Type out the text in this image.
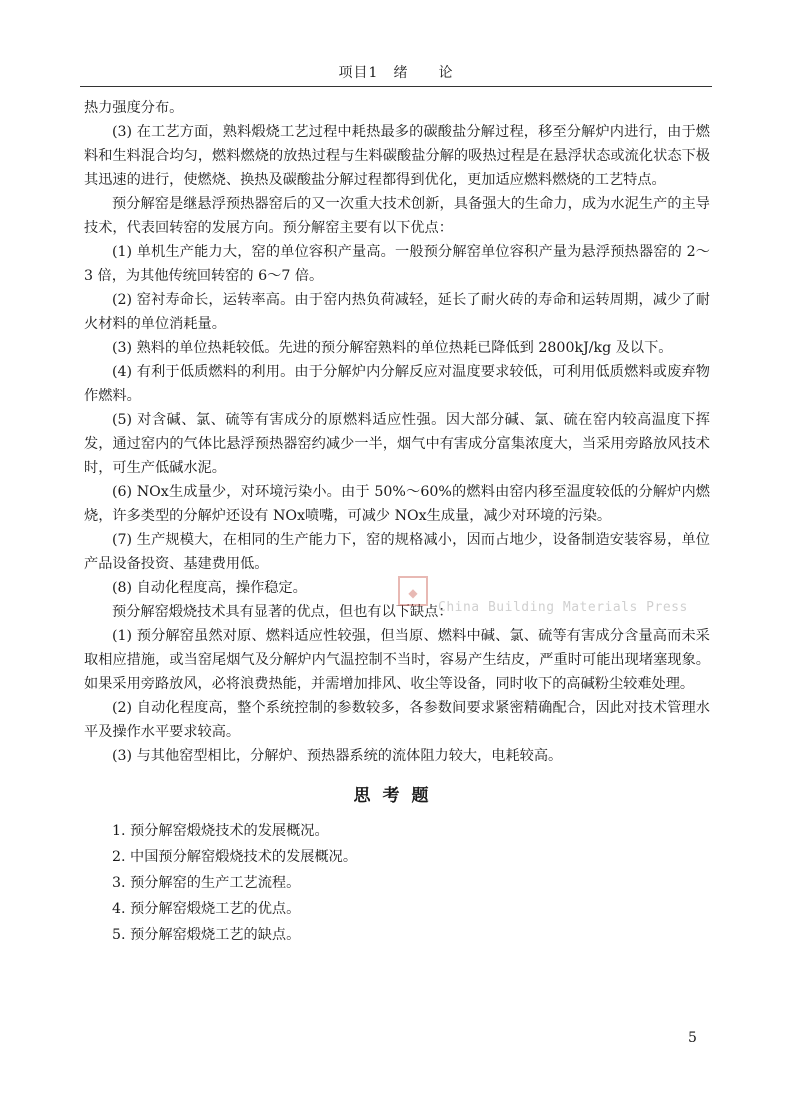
项目1　绪　　论

热力强度分布。

(3) 在工艺方面，熟料煅烧工艺过程中耗热最多的碳酸盐分解过程，移至分解炉内进行，由于燃料和生料混合均匀，燃料燃烧的放热过程与生料碳酸盐分解的吸热过程是在悬浮状态或流化状态下极其迅速的进行，使燃烧、换热及碳酸盐分解过程都得到优化，更加适应燃料燃烧的工艺特点。

预分解窑是继悬浮预热器窑后的又一次重大技术创新，具备强大的生命力，成为水泥生产的主导技术，代表回转窑的发展方向。预分解窑主要有以下优点：

(1) 单机生产能力大，窑的单位容积产量高。一般预分解窑单位容积产量为悬浮预热器窑的 2～3 倍，为其他传统回转窑的 6～7 倍。

(2) 窑衬寿命长，运转率高。由于窑内热负荷减轻，延长了耐火砖的寿命和运转周期，减少了耐火材料的单位消耗量。

(3) 熟料的单位热耗较低。先进的预分解窑熟料的单位热耗已降低到 2800kJ/kg 及以下。

(4) 有利于低质燃料的利用。由于分解炉内分解反应对温度要求较低，可利用低质燃料或废弃物作燃料。

(5) 对含碱、氯、硫等有害成分的原燃料适应性强。因大部分碱、氯、硫在窑内较高温度下挥发，通过窑内的气体比悬浮预热器窑约减少一半，烟气中有害成分富集浓度大，当采用旁路放风技术时，可生产低碱水泥。

(6) NOx生成量少，对环境污染小。由于 50%～60%的燃料由窑内移至温度较低的分解炉内燃烧，许多类型的分解炉还设有 NOx喷嘴，可减少 NOx生成量，减少对环境的污染。

(7) 生产规模大，在相同的生产能力下，窑的规格减小，因而占地少，设备制造安装容易，单位产品设备投资、基建费用低。

(8) 自动化程度高，操作稳定。

预分解窑煅烧技术具有显著的优点，但也有以下缺点：

(1) 预分解窑虽然对原、燃料适应性较强，但当原、燃料中碱、氯、硫等有害成分含量高而未采取相应措施，或当窑尾烟气及分解炉内气温控制不当时，容易产生结皮，严重时可能出现堵塞现象。如果采用旁路放风，必将浪费热能，并需增加排风、收尘等设备，同时收下的高碱粉尘较难处理。

(2) 自动化程度高，整个系统控制的参数较多，各参数间要求紧密精确配合，因此对技术管理水平及操作水平要求较高。

(3) 与其他窑型相比，分解炉、预热器系统的流体阻力较大，电耗较高。

思考题
1. 预分解窑煅烧技术的发展概况。
2. 中国预分解窑煅烧技术的发展概况。
3. 预分解窑的生产工艺流程。
4. 预分解窑煅烧工艺的优点。
5. 预分解窑煅烧工艺的缺点。
◆
China Building Materials Press
5
